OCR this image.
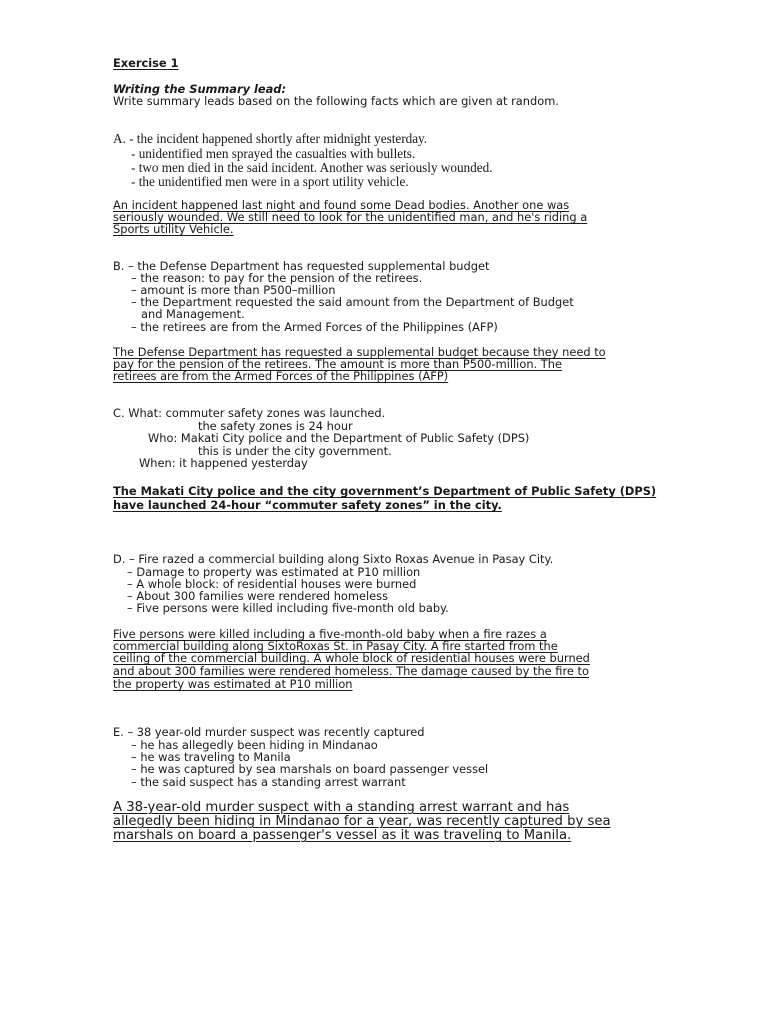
Exercise 1
Writing the Summary lead:
Write summary leads based on the following facts which are given at random.
A. - the incident happened shortly after midnight yesterday.
- unidentified men sprayed the casualties with bullets.
- two men died in the said incident. Another was seriously wounded.
- the unidentified men were in a sport utility vehicle.
An incident happened last night and found some Dead bodies. Another one was
seriously wounded. We still need to look for the unidentified man, and he's riding a
Sports utility Vehicle.
B. – the Defense Department has requested supplemental budget
– the reason: to pay for the pension of the retirees.
– amount is more than P500–million
– the Department requested the said amount from the Department of Budget
and Management.
– the retirees are from the Armed Forces of the Philippines (AFP)
The Defense Department has requested a supplemental budget because they need to
pay for the pension of the retirees. The amount is more than P500-million. The
retirees are from the Armed Forces of the Philippines (AFP)
C. What: commuter safety zones was launched.
the safety zones is 24 hour
Who: Makati City police and the Department of Public Safety (DPS)
this is under the city government.
When: it happened yesterday
The Makati City police and the city government’s Department of Public Safety (DPS)
have launched 24-hour “commuter safety zones” in the city.
D. – Fire razed a commercial building along Sixto Roxas Avenue in Pasay City.
– Damage to property was estimated at P10 million
– A whole block: of residential houses were burned
– About 300 families were rendered homeless
– Five persons were killed including five-month old baby.
Five persons were killed including a five-month-old baby when a fire razes a
commercial building along SixtoRoxas St. in Pasay City. A fire started from the
ceiling of the commercial building. A whole block of residential houses were burned
and about 300 families were rendered homeless. The damage caused by the fire to
the property was estimated at P10 million
E. – 38 year-old murder suspect was recently captured
– he has allegedly been hiding in Mindanao
– he was traveling to Manila
– he was captured by sea marshals on board passenger vessel
– the said suspect has a standing arrest warrant
A 38-year-old murder suspect with a standing arrest warrant and has
allegedly been hiding in Mindanao for a year, was recently captured by sea
marshals on board a passenger's vessel as it was traveling to Manila.
